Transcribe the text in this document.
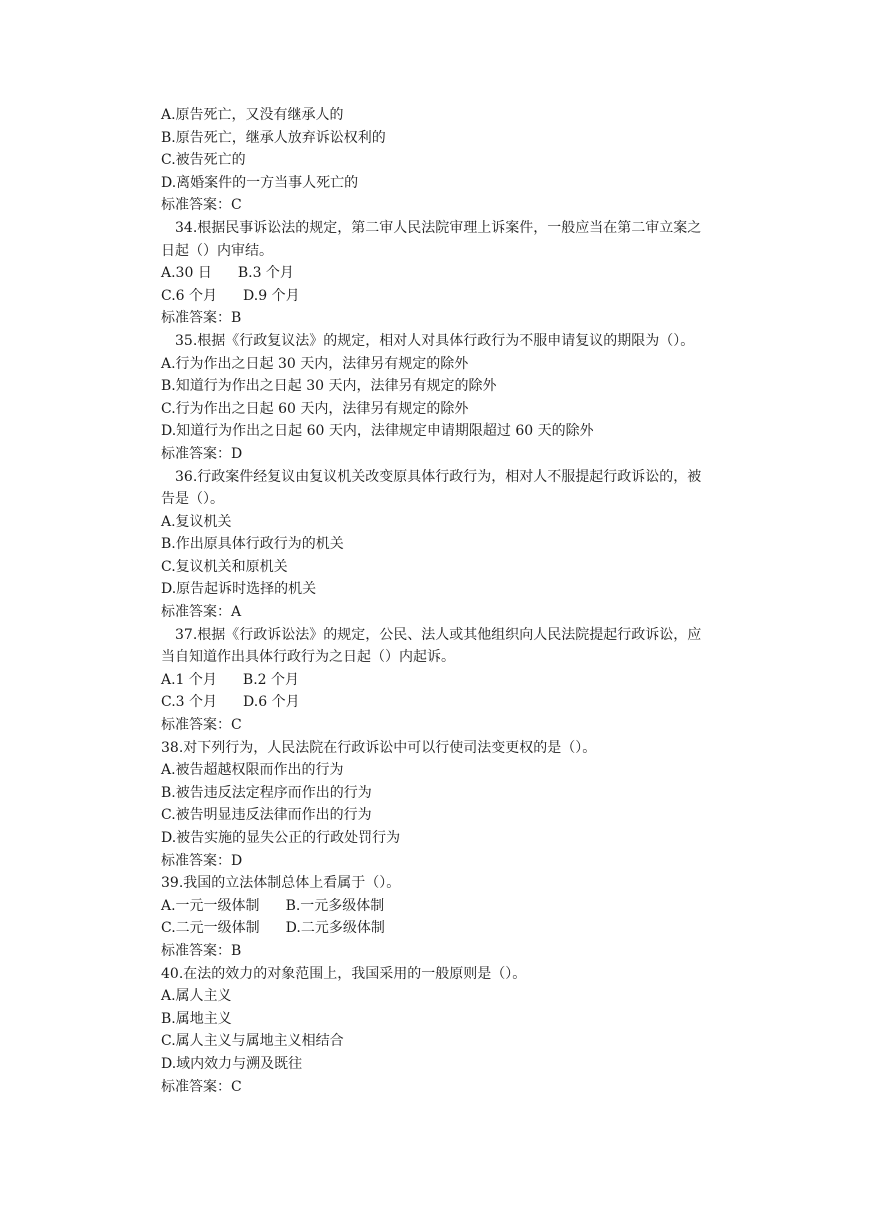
A.原告死亡，又没有继承人的
B.原告死亡，继承人放弃诉讼权利的
C.被告死亡的
D.离婚案件的一方当事人死亡的
标准答案：C
34.根据民事诉讼法的规定，第二审人民法院审理上诉案件，一般应当在第二审立案之
日起（）内审结。
A.30 日 B.3 个月
C.6 个月 D.9 个月
标准答案：B
35.根据《行政复议法》的规定，相对人对具体行政行为不服申请复议的期限为（）。
A.行为作出之日起 30 天内，法律另有规定的除外
B.知道行为作出之日起 30 天内，法律另有规定的除外
C.行为作出之日起 60 天内，法律另有规定的除外
D.知道行为作出之日起 60 天内，法律规定申请期限超过 60 天的除外
标准答案：D
36.行政案件经复议由复议机关改变原具体行政行为，相对人不服提起行政诉讼的，被
告是（）。
A.复议机关
B.作出原具体行政行为的机关
C.复议机关和原机关
D.原告起诉时选择的机关
标准答案：A
37.根据《行政诉讼法》的规定，公民、法人或其他组织向人民法院提起行政诉讼，应
当自知道作出具体行政行为之日起（）内起诉。
A.1 个月 B.2 个月
C.3 个月 D.6 个月
标准答案：C
38.对下列行为，人民法院在行政诉讼中可以行使司法变更权的是（）。
A.被告超越权限而作出的行为
B.被告违反法定程序而作出的行为
C.被告明显违反法律而作出的行为
D.被告实施的显失公正的行政处罚行为
标准答案：D
39.我国的立法体制总体上看属于（）。
A.一元一级体制 B.一元多级体制
C.二元一级体制 D.二元多级体制
标准答案：B
40.在法的效力的对象范围上，我国采用的一般原则是（）。
A.属人主义
B.属地主义
C.属人主义与属地主义相结合
D.域内效力与溯及既往
标准答案：C
